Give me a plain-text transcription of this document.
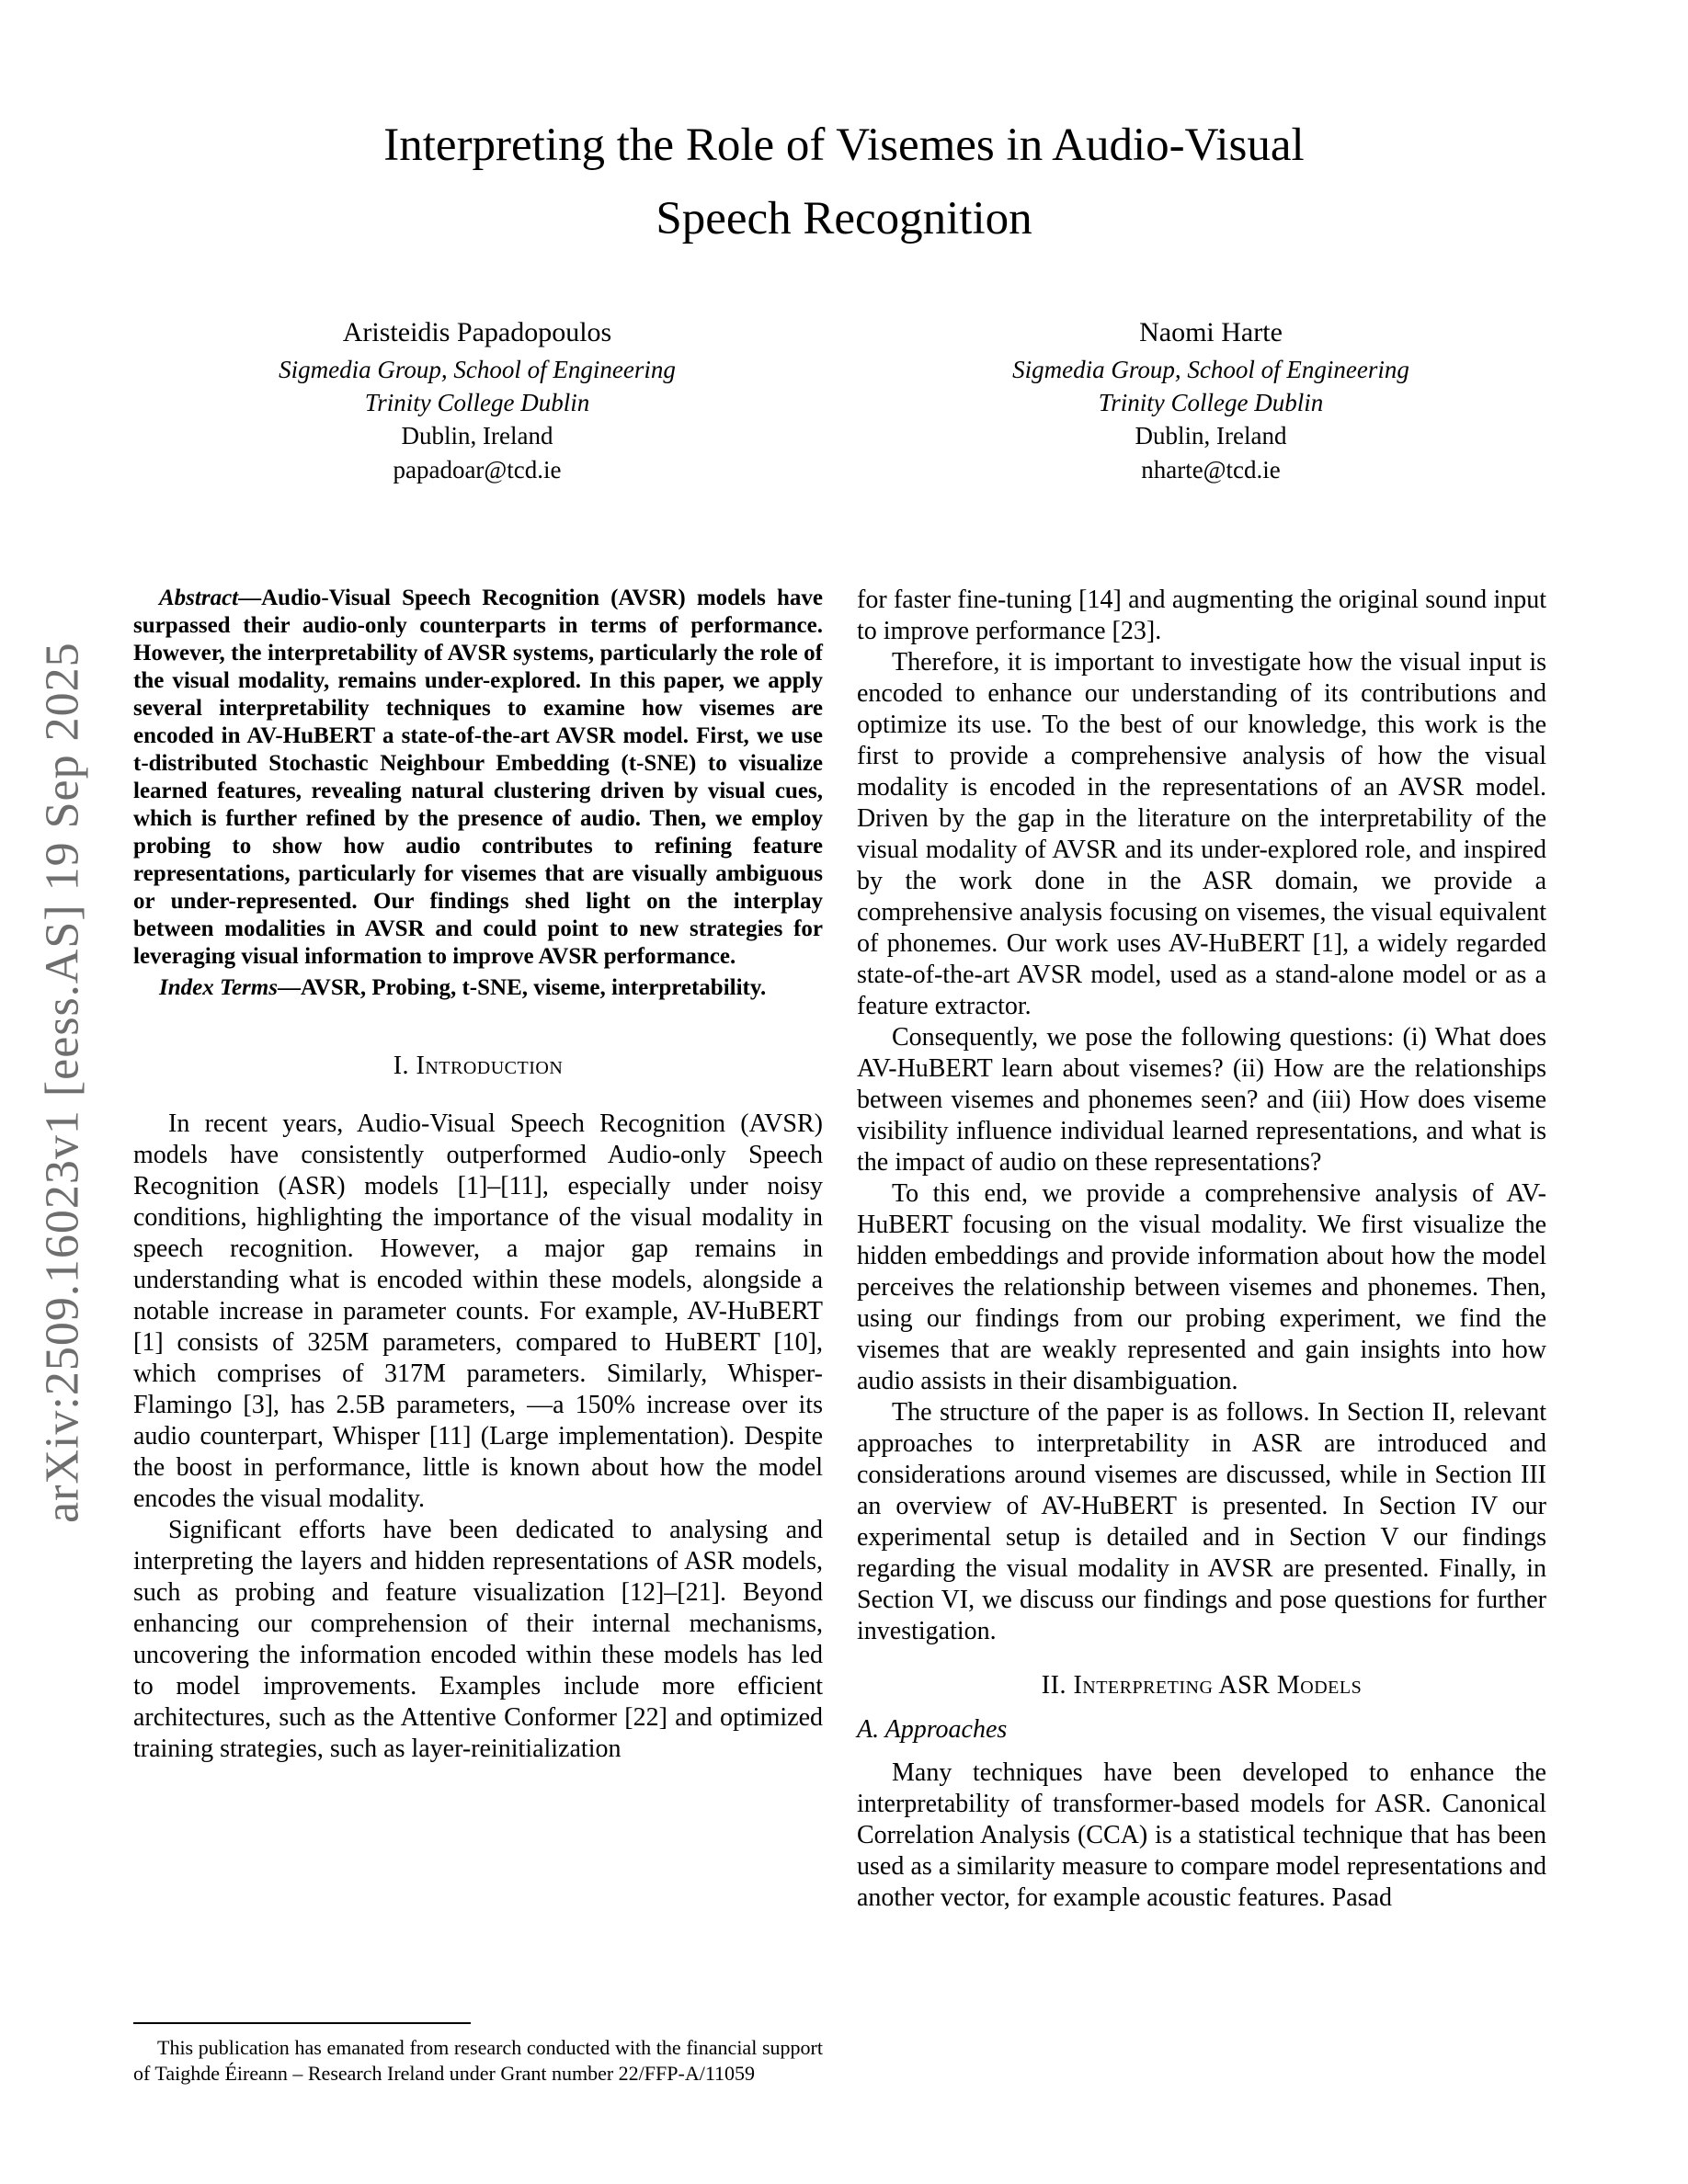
arXiv:2509.16023v1 [eess.AS] 19 Sep 2025
Interpreting the Role of Visemes in Audio-Visual
Speech Recognition
Aristeidis Papadopoulos
Sigmedia Group, School of Engineering
Trinity College Dublin
Dublin, Ireland
papadoar@tcd.ie
Naomi Harte
Sigmedia Group, School of Engineering
Trinity College Dublin
Dublin, Ireland
nharte@tcd.ie

Abstract—Audio-Visual Speech Recognition (AVSR) models have surpassed their audio-only counterparts in terms of performance. However, the interpretability of AVSR systems, particularly the role of the visual modality, remains under-explored. In this paper, we apply several interpretability techniques to examine how visemes are encoded in AV-HuBERT a state-of-the-art AVSR model. First, we use t-distributed Stochastic Neighbour Embedding (t-SNE) to visualize learned features, revealing natural clustering driven by visual cues, which is further refined by the presence of audio. Then, we employ probing to show how audio contributes to refining feature representations, particularly for visemes that are visually ambiguous or under-represented. Our findings shed light on the interplay between modalities in AVSR and could point to new strategies for leveraging visual information to improve AVSR performance.

Index Terms—AVSR, Probing, t-SNE, viseme, interpretability.

I. Introduction

In recent years, Audio-Visual Speech Recognition (AVSR) models have consistently outperformed Audio-only Speech Recognition (ASR) models [1]–[11], especially under noisy conditions, highlighting the importance of the visual modality in speech recognition. However, a major gap remains in understanding what is encoded within these models, alongside a notable increase in parameter counts. For example, AV-HuBERT [1] consists of 325M parameters, compared to HuBERT [10], which comprises of 317M parameters. Similarly, Whisper-Flamingo [3], has 2.5B parameters, —a 150% increase over its audio counterpart, Whisper [11] (Large implementation). Despite the boost in performance, little is known about how the model encodes the visual modality.

Significant efforts have been dedicated to analysing and interpreting the layers and hidden representations of ASR models, such as probing and feature visualization [12]–[21]. Beyond enhancing our comprehension of their internal mechanisms, uncovering the information encoded within these models has led to model improvements. Examples include more efficient architectures, such as the Attentive Conformer [22] and optimized training strategies, such as layer-reinitialization

for faster fine-tuning [14] and augmenting the original sound input to improve performance [23].

Therefore, it is important to investigate how the visual input is encoded to enhance our understanding of its contributions and optimize its use. To the best of our knowledge, this work is the first to provide a comprehensive analysis of how the visual modality is encoded in the representations of an AVSR model. Driven by the gap in the literature on the interpretability of the visual modality of AVSR and its under-explored role, and inspired by the work done in the ASR domain, we provide a comprehensive analysis focusing on visemes, the visual equivalent of phonemes. Our work uses AV-HuBERT [1], a widely regarded state-of-the-art AVSR model, used as a stand-alone model or as a feature extractor.

Consequently, we pose the following questions: (i) What does AV-HuBERT learn about visemes? (ii) How are the relationships between visemes and phonemes seen? and (iii) How does viseme visibility influence individual learned representations, and what is the impact of audio on these representations?

To this end, we provide a comprehensive analysis of AV-HuBERT focusing on the visual modality. We first visualize the hidden embeddings and provide information about how the model perceives the relationship between visemes and phonemes. Then, using our findings from our probing experiment, we find the visemes that are weakly represented and gain insights into how audio assists in their disambiguation.

The structure of the paper is as follows. In Section II, relevant approaches to interpretability in ASR are introduced and considerations around visemes are discussed, while in Section III an overview of AV-HuBERT is presented. In Section IV our experimental setup is detailed and in Section V our findings regarding the visual modality in AVSR are presented. Finally, in Section VI, we discuss our findings and pose questions for further investigation.

II. Interpreting ASR Models
A. Approaches

Many techniques have been developed to enhance the interpretability of transformer-based models for ASR. Canonical Correlation Analysis (CCA) is a statistical technique that has been used as a similarity measure to compare model representations and another vector, for example acoustic features. Pasad

This publication has emanated from research conducted with the financial support of Taighde Éireann – Research Ireland under Grant number 22/FFP-A/11059
